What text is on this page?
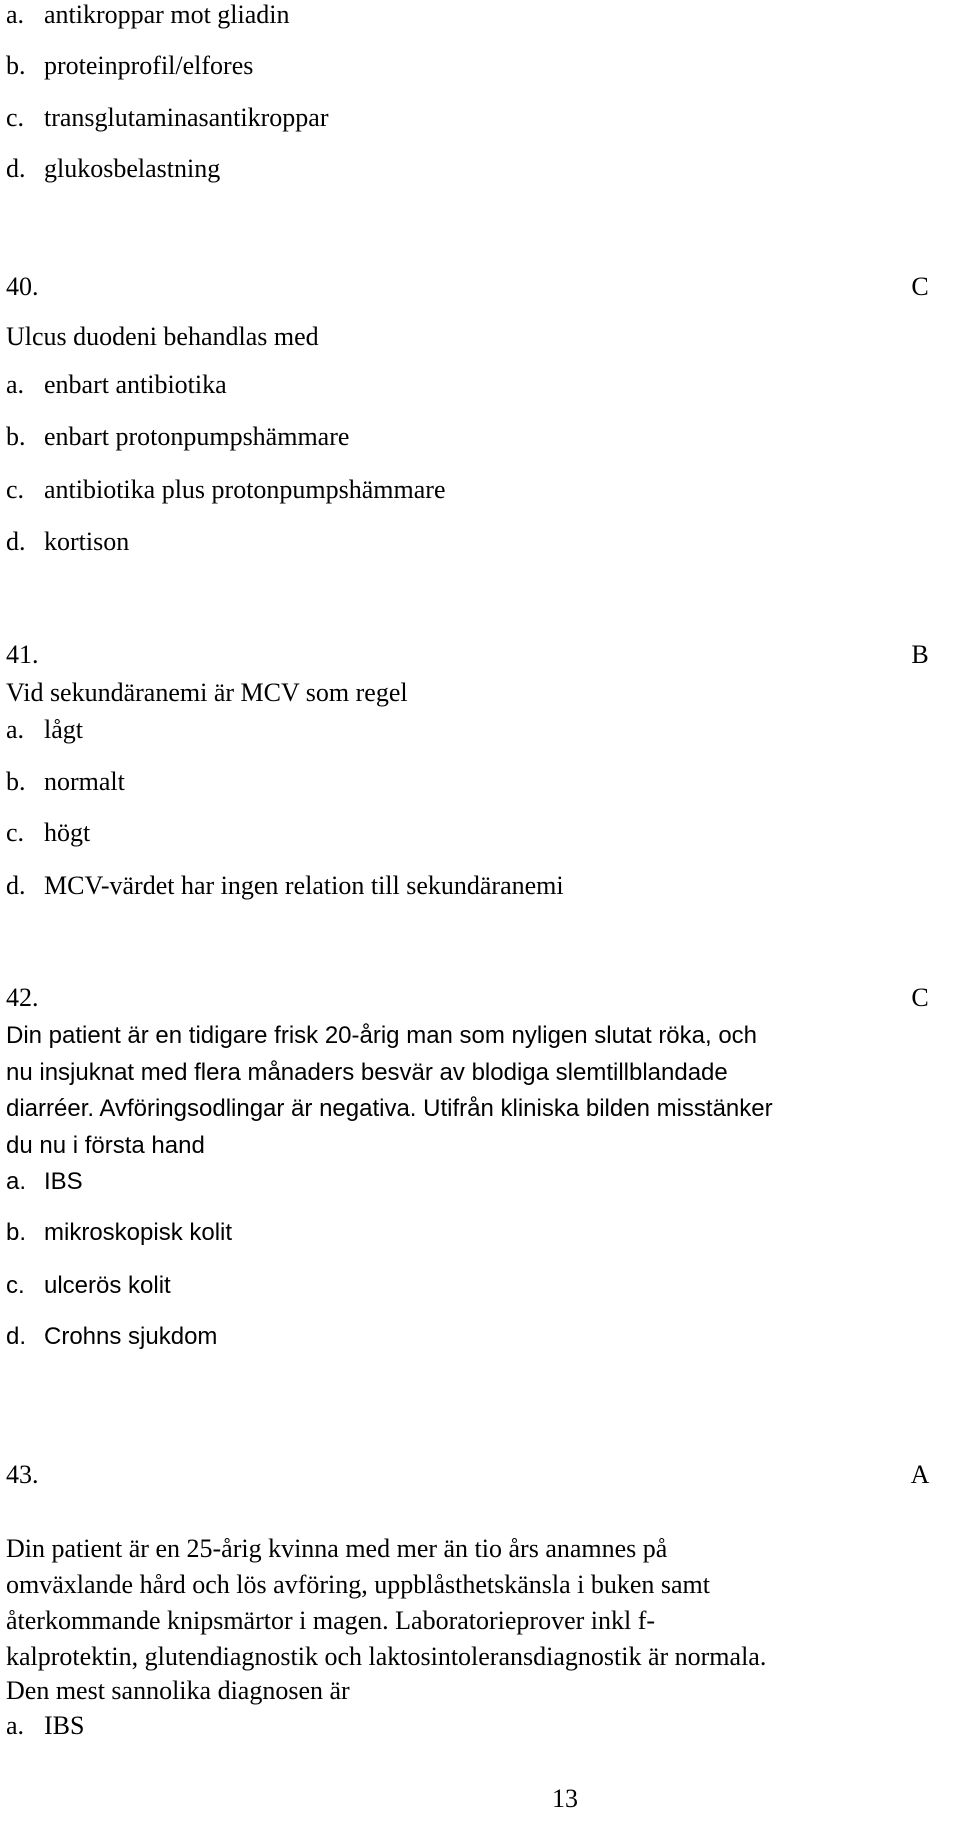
a. antikroppar mot gliadin
b. proteinprofil/elfores
c. transglutaminasantikroppar
d. glukosbelastning
40.	C
Ulcus duodeni behandlas med
a. enbart antibiotika
b. enbart protonpumpshämmare
c. antibiotika plus protonpumpshämmare
d. kortison
41.	B
Vid sekundäranemi är MCV som regel
a. lågt
b. normalt
c. högt
d. MCV-värdet har ingen relation till sekundäranemi
42.	C
Din patient är en tidigare frisk 20-årig man som nyligen slutat röka, och
nu insjuknat med flera månaders besvär av blodiga slemtillblandade
diarréer. Avföringsodlingar är negativa. Utifrån kliniska bilden misstänker
du nu i första hand
a. IBS
b. mikroskopisk kolit
c. ulcerös kolit
d. Crohns sjukdom
43.	A
Din patient är en 25-årig kvinna med mer än tio års anamnes på
omväxlande hård och lös avföring, uppblåsthetskänsla i buken samt
återkommande knipsmärtor i magen. Laboratorieprover inkl f-
kalprotektin, glutendiagnostik och laktosintoleransdiagnostik är normala.
Den mest sannolika diagnosen är
a. IBS
13
